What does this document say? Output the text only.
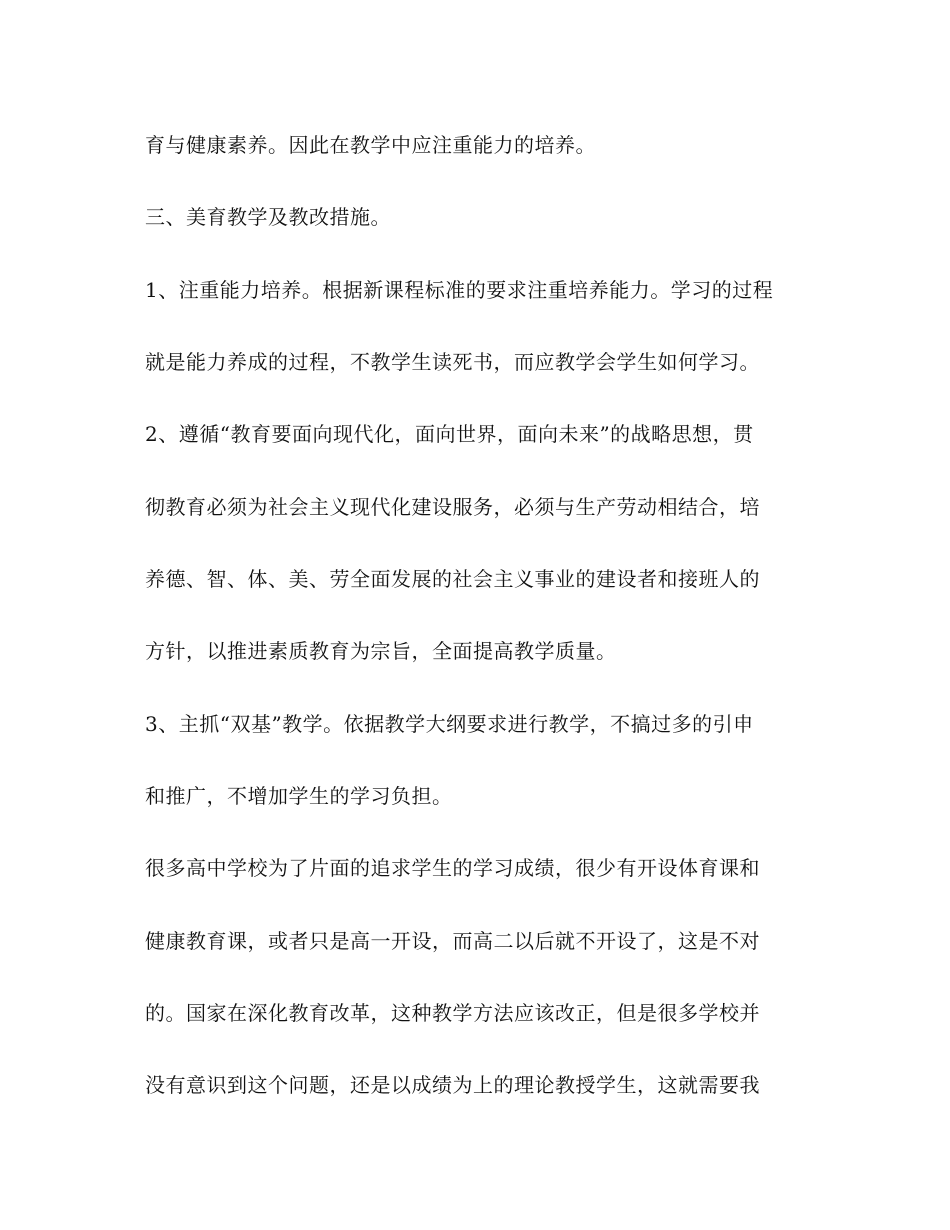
育与健康素养。因此在教学中应注重能力的培养。
三、美育教学及教改措施。
1、注重能力培养。根据新课程标准的要求注重培养能力。学习的过程
就是能力养成的过程，不教学生读死书，而应教学会学生如何学习。
2、遵循“教育要面向现代化，面向世界，面向未来”的战略思想，贯
彻教育必须为社会主义现代化建设服务，必须与生产劳动相结合，培
养德、智、体、美、劳全面发展的社会主义事业的建设者和接班人的
方针，以推进素质教育为宗旨，全面提高教学质量。
3、主抓“双基”教学。依据教学大纲要求进行教学，不搞过多的引申
和推广，不增加学生的学习负担。
很多高中学校为了片面的追求学生的学习成绩，很少有开设体育课和
健康教育课，或者只是高一开设，而高二以后就不开设了，这是不对
的。国家在深化教育改革，这种教学方法应该改正，但是很多学校并
没有意识到这个问题，还是以成绩为上的理论教授学生，这就需要我
